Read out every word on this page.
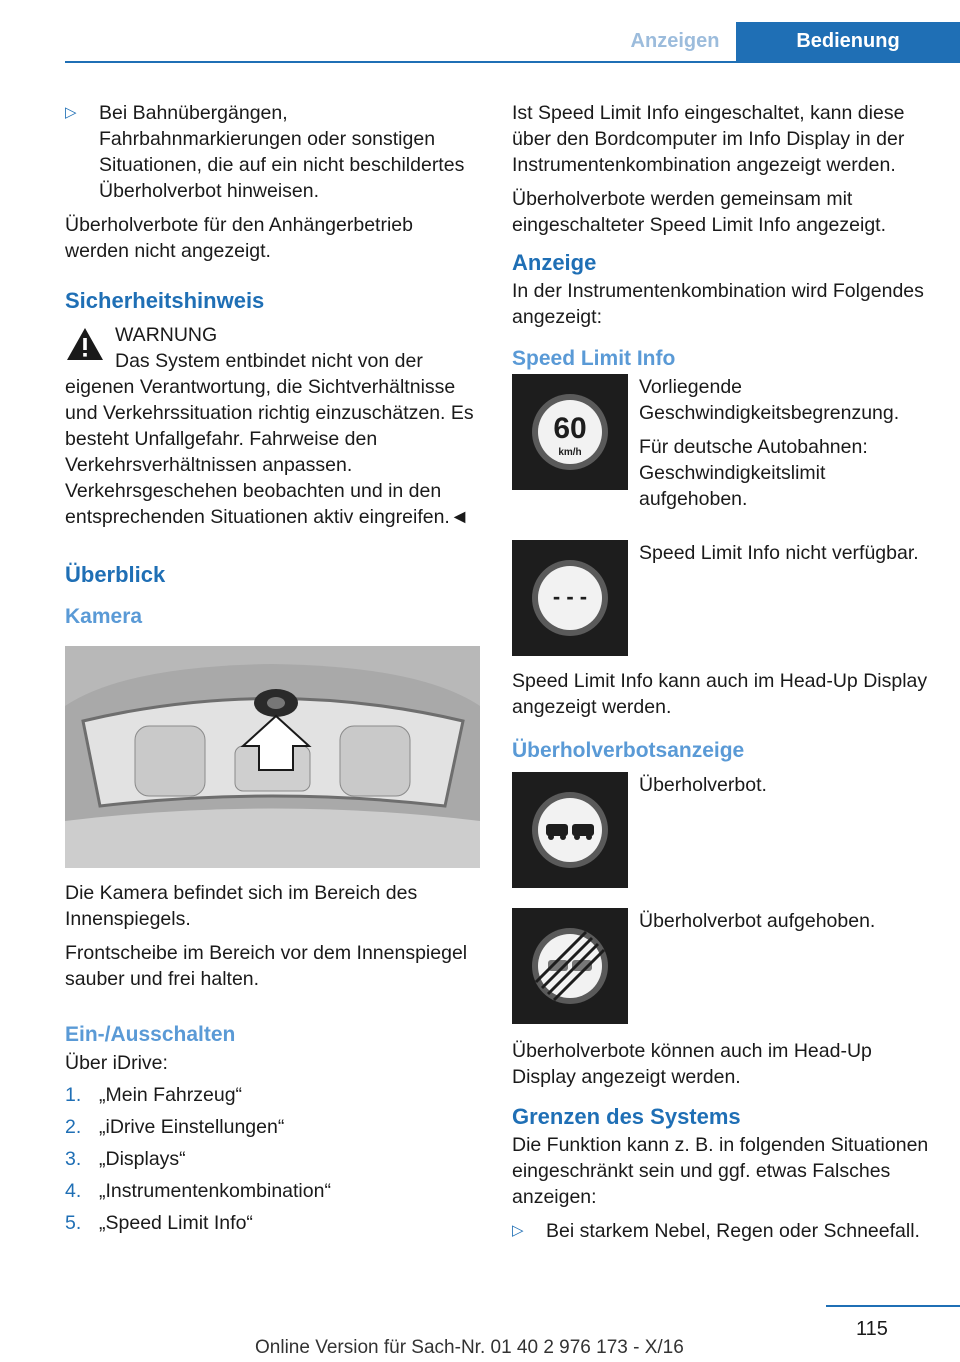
Anzeigen	Bedienung
▷	Bei Bahnübergängen, Fahrbahnmarkierungen oder sonstigen Situationen, die auf ein nicht beschildertes Überholverbot hinweisen.

Überholverbote für den Anhängerbetrieb werden nicht angezeigt.

Sicherheitshinweis
WARNUNG
Das System entbindet nicht von der eigenen Verantwortung, die Sichtverhältnisse und Verkehrssituation richtig einzuschätzen. Es besteht Unfallgefahr. Fahrweise den Verkehrsverhältnissen anpassen. Verkehrsgeschehen beobachten und in den entsprechenden Situationen aktiv eingreifen.◄
Überblick
Kamera

Die Kamera befindet sich im Bereich des Innenspiegels.

Frontscheibe im Bereich vor dem Innenspiegel sauber und frei halten.

Ein-/Ausschalten
Über iDrive:
1. „Mein Fahrzeug“
2. „iDrive Einstellungen“
3. „Displays“
4. „Instrumentenkombination“
5. „Speed Limit Info“

Ist Speed Limit Info eingeschaltet, kann diese über den Bordcomputer im Info Display in der Instrumentenkombination angezeigt werden.

Überholverbote werden gemeinsam mit eingeschalteter Speed Limit Info angezeigt.

Anzeige

In der Instrumentenkombination wird Folgendes angezeigt:

Speed Limit Info
60
km/h

Vorliegende Geschwindigkeitsbegrenzung.

Für deutsche Autobahnen: Geschwindigkeitslimit aufgehoben.

- - -

Speed Limit Info nicht verfügbar.

Speed Limit Info kann auch im Head-Up Display angezeigt werden.

Überholverbotsanzeige

Überholverbot.

Überholverbot aufgehoben.

Überholverbote können auch im Head-Up Display angezeigt werden.

Grenzen des Systems

Die Funktion kann z. B. in folgenden Situationen eingeschränkt sein und ggf. etwas Falsches anzeigen:

▷	Bei starkem Nebel, Regen oder Schneefall.
115
Online Version für Sach-Nr. 01 40 2 976 173 - X/16
